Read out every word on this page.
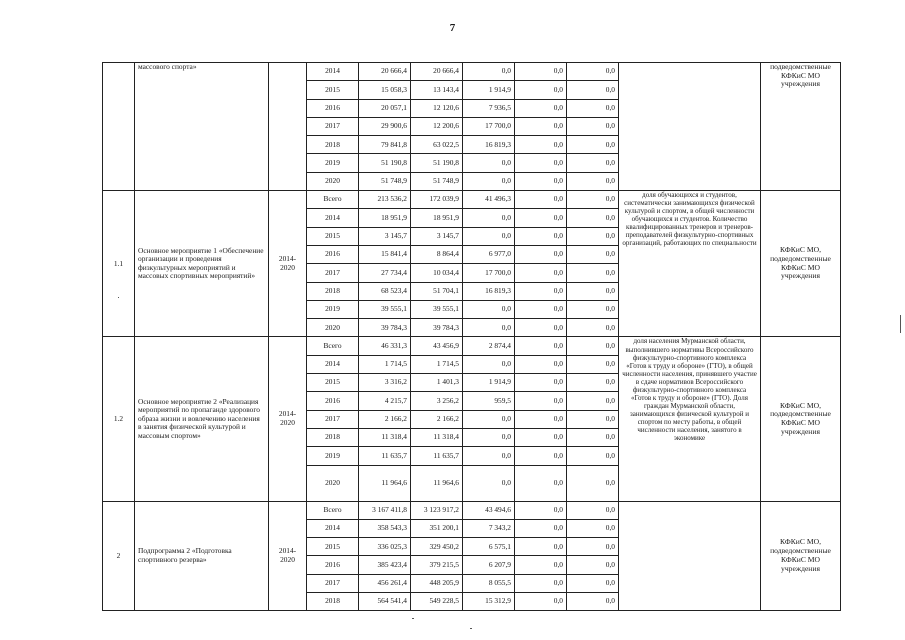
7
	массового спорта»		2014	20 666,4	20 666,4	0,0	0,0	0,0		подведомственные КФКиС МО учреждения
			2015	15 058,3	13 143,4	1 914,9	0,0	0,0		
			2016	20 057,1	12 120,6	7 936,5	0,0	0,0		
			2017	29 900,6	12 200,6	17 700,0	0,0	0,0		
			2018	79 841,8	63 022,5	16 819,3	0,0	0,0		
			2019	51 190,8	51 190,8	0,0	0,0	0,0		
			2020	51 748,9	51 748,9	0,0	0,0	0,0		
1.1	Основное мероприятие 1 «Обеспечение организации и проведения физкультурных мероприятий и массовых спортивных мероприятий»	2014-2020	Всего	213 536,2	172 039,9	41 496,3	0,0	0,0	доля обучающихся и студентов, систематически занимающихся физической культурой и спортом, в общей численности обучающихся и студентов. Количество квалифицированных тренеров и тренеров-преподавателей физкультурно-спортивных организаций, работающих по специальности	КФКиС МО, подведомственные КФКиС МО учреждения
			2014	18 951,9	18 951,9	0,0	0,0	0,0		
			2015	3 145,7	3 145,7	0,0	0,0	0,0		
			2016	15 841,4	8 864,4	6 977,0	0,0	0,0		
			2017	27 734,4	10 034,4	17 700,0	0,0	0,0		
			2018	68 523,4	51 704,1	16 819,3	0,0	0,0		
			2019	39 555,1	39 555,1	0,0	0,0	0,0		
			2020	39 784,3	39 784,3	0,0	0,0	0,0		
1.2	Основное мероприятие 2 «Реализация мероприятий по пропаганде здорового образа жизни и вовлечению населения в занятия физической культурой и массовым спортом»	2014-2020	Всего	46 331,3	43 456,9	2 874,4	0,0	0,0	доля населения Мурманской области, выполнившего нормативы Всероссийского физкультурно-спортивного комплекса «Готов к труду и обороне» (ГТО), в общей численности населения, принявшего участие в сдаче нормативов Всероссийского физкультурно-спортивного комплекса «Готов к труду и обороне» (ГТО). Доля граждан Мурманской области, занимающихся физической культурой и спортом по месту работы, в общей численности населения, занятого в экономике	КФКиС МО, подведомственные КФКиС МО учреждения
			2014	1 714,5	1 714,5	0,0	0,0	0,0		
			2015	3 316,2	1 401,3	1 914,9	0,0	0,0		
			2016	4 215,7	3 256,2	959,5	0,0	0,0		
			2017	2 166,2	2 166,2	0,0	0,0	0,0		
			2018	11 318,4	11 318,4	0,0	0,0	0,0		
			2019	11 635,7	11 635,7	0,0	0,0	0,0		
			2020	11 964,6	11 964,6	0,0	0,0	0,0		
2	Подпрограмма 2 «Подготовка спортивного резерва»	2014-2020	Всего	3 167 411,8	3 123 917,2	43 494,6	0,0	0,0		КФКиС МО, подведомственные КФКиС МО учреждения
			2014	358 543,3	351 200,1	7 343,2	0,0	0,0		
			2015	336 025,3	329 450,2	6 575,1	0,0	0,0		
			2016	385 423,4	379 215,5	6 207,9	0,0	0,0		
			2017	456 261,4	448 205,9	8 055,5	0,0	0,0		
			2018	564 541,4	549 228,5	15 312,9	0,0	0,0		
